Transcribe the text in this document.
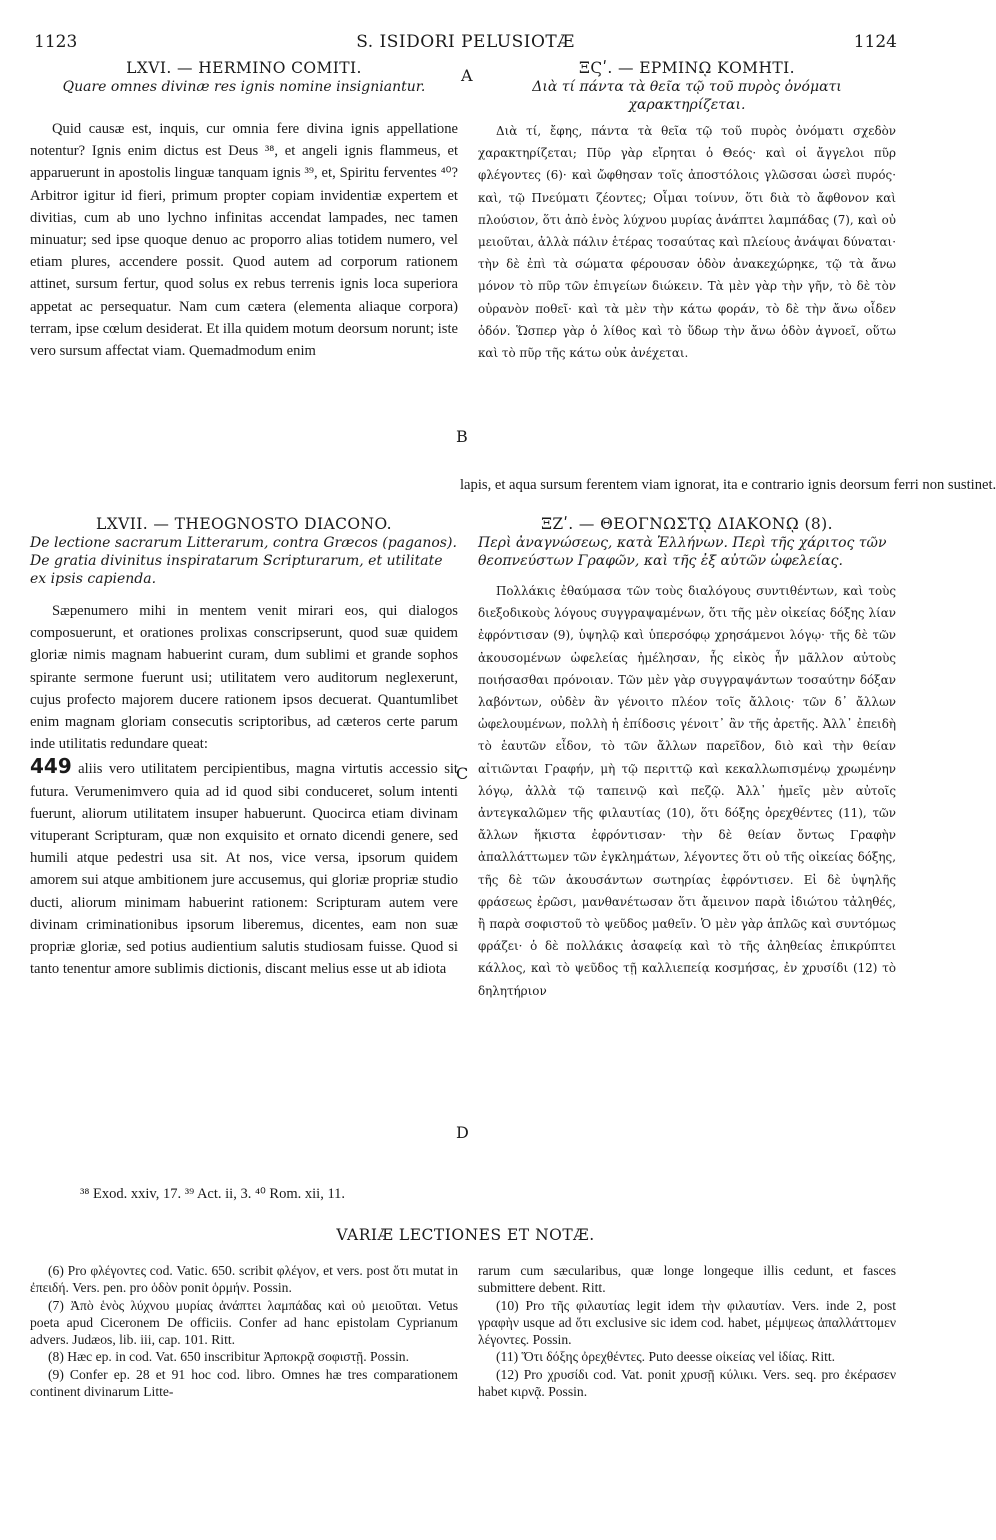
1123	S. ISIDORI PELUSIOTÆ	1124
A
B
C
D

LXVI. — HERMINO COMITI.

Quare omnes divinæ res ignis nomine insigniantur.

Quid causæ est, inquis, cur omnia fere divina ignis appellatione notentur? Ignis enim dictus est Deus ³⁸, et angeli ignis flammeus, et apparuerunt in apostolis linguæ tanquam ignis ³⁹, et, Spiritu ferventes ⁴⁰? Arbitror igitur id fieri, primum propter copiam invidentiæ expertem et divitias, cum ab uno lychno infinitas accendat lampades, nec tamen minuatur; sed ipse quoque denuo ac proporro alias totidem numero, vel etiam plures, accendere possit. Quod autem ad corporum rationem attinet, sursum fertur, quod solus ex rebus terrenis ignis loca superiora appetat ac persequatur. Nam cum cætera (elementa aliaque corpora) terram, ipse cœlum desiderat. Et illa quidem motum deorsum norunt; iste vero sursum affectat viam. Quemadmodum enim

ΞϚʹ. — ΕΡΜΙΝῼ ΚΟΜΗΤΙ.

Διὰ τί πάντα τὰ θεῖα τῷ τοῦ πυρὸς ὀνόματι χαρακτηρίζεται.

Διὰ τί, ἔφης, πάντα τὰ θεῖα τῷ τοῦ πυρὸς ὀνόματι σχεδὸν χαρακτηρίζεται; Πῦρ γὰρ εἴρηται ὁ Θεός· καὶ οἱ ἄγγελοι πῦρ φλέγοντες (6)· καὶ ὤφθησαν τοῖς ἀποστόλοις γλῶσσαι ὡσεὶ πυρός· καὶ, τῷ Πνεύματι ζέοντες; Οἶμαι τοίνυν, ὅτι διὰ τὸ ἄφθονον καὶ πλούσιον, ὅτι ἀπὸ ἑνὸς λύχνου μυρίας ἀνάπτει λαμπάδας (7), καὶ οὐ μειοῦται, ἀλλὰ πάλιν ἑτέρας τοσαύτας καὶ πλείους ἀνάψαι δύναται· τὴν δὲ ἐπὶ τὰ σώματα φέρουσαν ὁδὸν ἀνακεχώρηκε, τῷ τὰ ἄνω μόνον τὸ πῦρ τῶν ἐπιγείων διώκειν. Τὰ μὲν γὰρ τὴν γῆν, τὸ δὲ τὸν οὐρανὸν ποθεῖ· καὶ τὰ μὲν τὴν κάτω φοράν, τὸ δὲ τὴν ἄνω οἶδεν ὁδόν. Ὥσπερ γὰρ ὁ λίθος καὶ τὸ ὕδωρ τὴν ἄνω ὁδὸν ἀγνοεῖ, οὕτω καὶ τὸ πῦρ τῆς κάτω οὐκ ἀνέχεται.

lapis, et aqua sursum ferentem viam ignorat, ita e contrario ignis deorsum ferri non sustinet.

LXVII. — THEOGNOSTO DIACONO.

De lectione sacrarum Litterarum, contra Græcos (paganos). De gratia divinitus inspiratarum Scripturarum, et utilitate ex ipsis capienda.

Sæpenumero mihi in mentem venit mirari eos, qui dialogos composuerunt, et orationes prolixas conscripserunt, quod suæ quidem gloriæ nimis magnam habuerint curam, dum sublimi et grande sophos spirante sermone fuerunt usi; utilitatem vero auditorum neglexerunt, cujus profecto majorem ducere rationem ipsos decuerat. Quantumlibet enim magnam gloriam consecutis scriptoribus, ad cæteros certe parum inde utilitatis redundare queat:

449 aliis vero utilitatem percipientibus, magna virtutis accessio sit futura. Verumenimvero quia ad id quod sibi conduceret, solum intenti fuerunt, aliorum utilitatem insuper habuerunt. Quocirca etiam divinam vituperant Scripturam, quæ non exquisito et ornato dicendi genere, sed humili atque pedestri usa sit. At nos, vice versa, ipsorum quidem amorem sui atque ambitionem jure accusemus, qui gloriæ propriæ studio ducti, aliorum minimam habuerint rationem: Scripturam autem vere divinam criminationibus ipsorum liberemus, dicentes, eam non suæ propriæ gloriæ, sed potius audientium salutis studiosam fuisse. Quod si tanto tenentur amore sublimis dictionis, discant melius esse ut ab idiota

ΞΖʹ. — ΘΕΟΓΝΩΣΤῼ ΔΙΑΚΟΝῼ (8).

Περὶ ἀναγνώσεως, κατὰ Ἑλλήνων. Περὶ τῆς χάριτος τῶν θεοπνεύστων Γραφῶν, καὶ τῆς ἐξ αὐτῶν ὠφελείας.

Πολλάκις ἐθαύμασα τῶν τοὺς διαλόγους συντιθέντων, καὶ τοὺς διεξοδικοὺς λόγους συγγραψαμένων, ὅτι τῆς μὲν οἰκείας δόξης λίαν ἐφρόντισαν (9), ὑψηλῷ καὶ ὑπερσόφῳ χρησάμενοι λόγῳ· τῆς δὲ τῶν ἀκουσομένων ὠφελείας ἠμέλησαν, ἧς εἰκὸς ἦν μᾶλλον αὐτοὺς ποιήσασθαι πρόνοιαν. Τῶν μὲν γὰρ συγγραψάντων τοσαύτην δόξαν λαβόντων, οὐδὲν ἂν γένοιτο πλέον τοῖς ἄλλοις· τῶν δ᾽ ἄλλων ὠφελουμένων, πολλὴ ἡ ἐπίδοσις γένοιτ᾽ ἂν τῆς ἀρετῆς. Ἀλλ᾽ ἐπειδὴ τὸ ἑαυτῶν εἶδον, τὸ τῶν ἄλλων παρεῖδον, διὸ καὶ τὴν θείαν αἰτιῶνται Γραφήν, μὴ τῷ περιττῷ καὶ κεκαλλωπισμένῳ χρωμένην λόγῳ, ἀλλὰ τῷ ταπεινῷ καὶ πεζῷ. Ἀλλ᾽ ἡμεῖς μὲν αὐτοῖς ἀντεγκαλῶμεν τῆς φιλαυτίας (10), ὅτι δόξης ὀρεχθέντες (11), τῶν ἄλλων ἥκιστα ἐφρόντισαν· τὴν δὲ θείαν ὄντως Γραφὴν ἀπαλλάττωμεν τῶν ἐγκλημάτων, λέγοντες ὅτι οὐ τῆς οἰκείας δόξης, τῆς δὲ τῶν ἀκουσάντων σωτηρίας ἐφρόντισεν. Εἰ δὲ ὑψηλῆς φράσεως ἐρῶσι, μανθανέτωσαν ὅτι ἄμεινον παρὰ ἰδιώτου τἀληθές, ἢ παρὰ σοφιστοῦ τὸ ψεῦδος μαθεῖν. Ὁ μὲν γὰρ ἁπλῶς καὶ συντόμως φράζει· ὁ δὲ πολλάκις ἀσαφείᾳ καὶ τὸ τῆς ἀληθείας ἐπικρύπτει κάλλος, καὶ τὸ ψεῦδος τῇ καλλιεπείᾳ κοσμήσας, ἐν χρυσίδι (12) τὸ δηλητήριον

³⁸ Exod. xxiv, 17. ³⁹ Act. ii, 3. ⁴⁰ Rom. xii, 11.
VARIÆ LECTIONES ET NOTÆ.

(6) Pro φλέγοντες cod. Vatic. 650. scribit φλέγον, et vers. post ὅτι mutat in ἐπειδή. Vers. pen. pro ὁδὸν ponit ὁρμήν. Possin.

(7) Ἀπὸ ἑνὸς λύχνου μυρίας ἀνάπτει λαμπάδας καὶ οὐ μειοῦται. Vetus poeta apud Ciceronem De officiis. Confer ad hanc epistolam Cyprianum advers. Judæos, lib. iii, cap. 101. Ritt.

(8) Hæc ep. in cod. Vat. 650 inscribitur Ἀρποκρᾷ σοφιστῇ. Possin.

(9) Confer ep. 28 et 91 hoc cod. libro. Omnes hæ tres comparationem continent divinarum Litte-

rarum cum sæcularibus, quæ longe longeque illis cedunt, et fasces submittere debent. Ritt.

(10) Pro τῆς φιλαυτίας legit idem τὴν φιλαυτίαν. Vers. inde 2, post γραφὴν usque ad ὅτι exclusive sic idem cod. habet, μέμψεως ἀπαλλάττομεν λέγοντες. Possin.

(11) Ὅτι δόξης ὀρεχθέντες. Puto deesse οἰκείας vel ἰδίας. Ritt.

(12) Pro χρυσίδι cod. Vat. ponit χρυσῇ κύλικι. Vers. seq. pro ἐκέρασεν habet κιρνᾷ. Possin.
